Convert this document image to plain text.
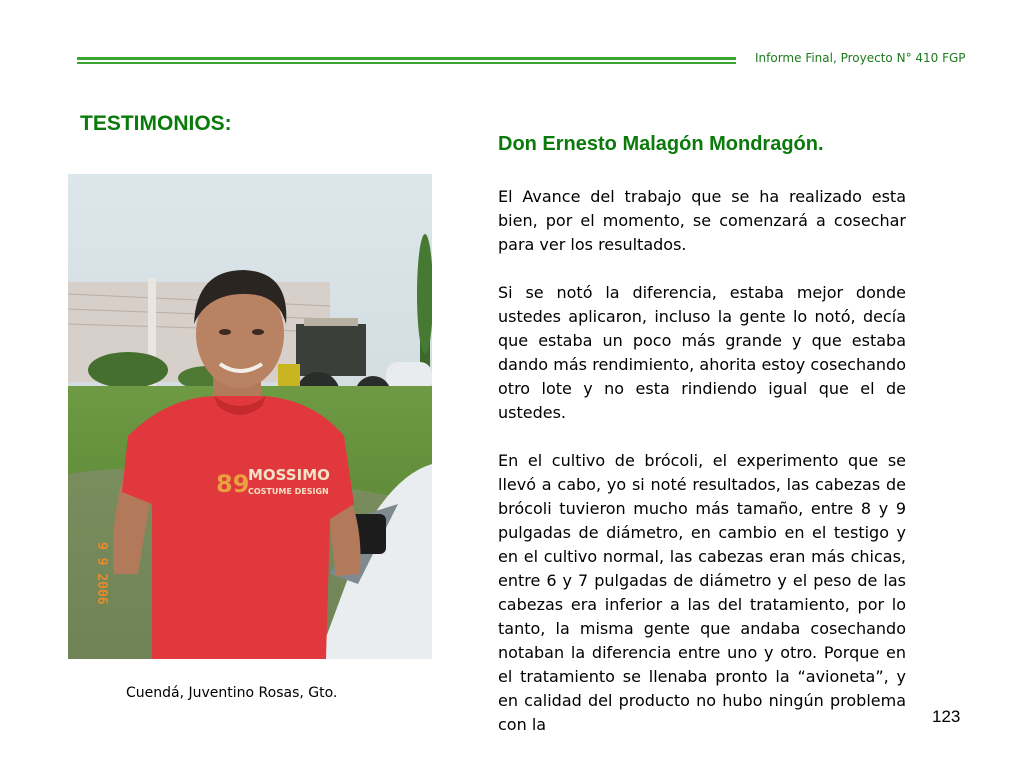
Informe Final, Proyecto N° 410 FGP
TESTIMONIOS:
Don Ernesto Malagón Mondragón.
89
MOSSIMO
COSTUME DESIGN
9 9 2006
Cuendá, Juventino Rosas, Gto.

El Avance del trabajo que se ha realizado esta bien, por el momento, se comenzará a cosechar para ver los resultados.

Si se notó la diferencia, estaba mejor donde ustedes aplicaron, incluso la gente lo notó, decía que estaba un poco más grande y que estaba dando más rendimiento, ahorita estoy cosechando otro lote y no esta rindiendo igual que el de ustedes.

En el cultivo de brócoli, el experimento que se llevó a cabo, yo si noté resultados, las cabezas de brócoli tuvieron mucho más tamaño, entre 8 y 9 pulgadas de diámetro, en cambio en el testigo y en el cultivo normal, las cabezas eran más chicas, entre 6 y 7 pulgadas de diámetro y el peso de las cabezas era inferior a las del tratamiento, por lo tanto, la misma gente que andaba cosechando notaban la diferencia entre uno y otro. Porque en el tratamiento se llenaba pronto la “avioneta”, y en calidad del producto no hubo ningún problema con la	123
